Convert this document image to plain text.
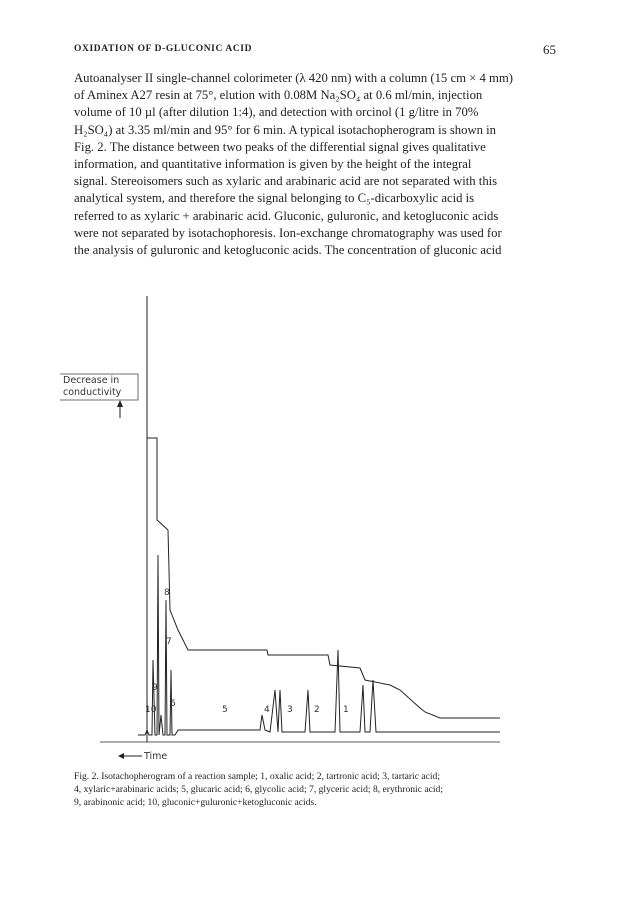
OXIDATION OF D-GLUCONIC ACID	65

Autoanalyser II single-channel colorimeter (λ 420 nm) with a column (15 cm × 4 mm)
of Aminex A27 resin at 75°, elution with 0.08M Na₂SO₄ at 0.6 ml/min, injection
volume of 10 µl (after dilution 1:4), and detection with orcinol (1 g/litre in 70%
H₂SO₄) at 3.35 ml/min and 95° for 6 min. A typical isotachopherogram is shown in
Fig. 2. The distance between two peaks of the differential signal gives qualitative
information, and quantitative information is given by the height of the integral
signal. Stereoisomers such as xylaric and arabinaric acid are not separated with this
analytical system, and therefore the signal belonging to C₅-dicarboxylic acid is
referred to as xylaric + arabinaric acid. Gluconic, guluronic, and ketogluconic acids
were not separated by isotachophoresis. Ion-exchange chromatography was used for
the analysis of guluronic and ketogluconic acids. The concentration of gluconic acid

Decrease in
conductivity
8
7
9
10
6
5	4 3 2	1
Time

Fig. 2. Isotachopherogram of a reaction sample; 1, oxalic acid; 2, tartronic acid; 3, tartaric acid;
4, xylaric+arabinaric acids; 5, glucaric acid; 6, glycolic acid; 7, glyceric acid; 8, erythronic acid;
9, arabinonic acid; 10, gluconic+guluronic+ketogluconic acids.
